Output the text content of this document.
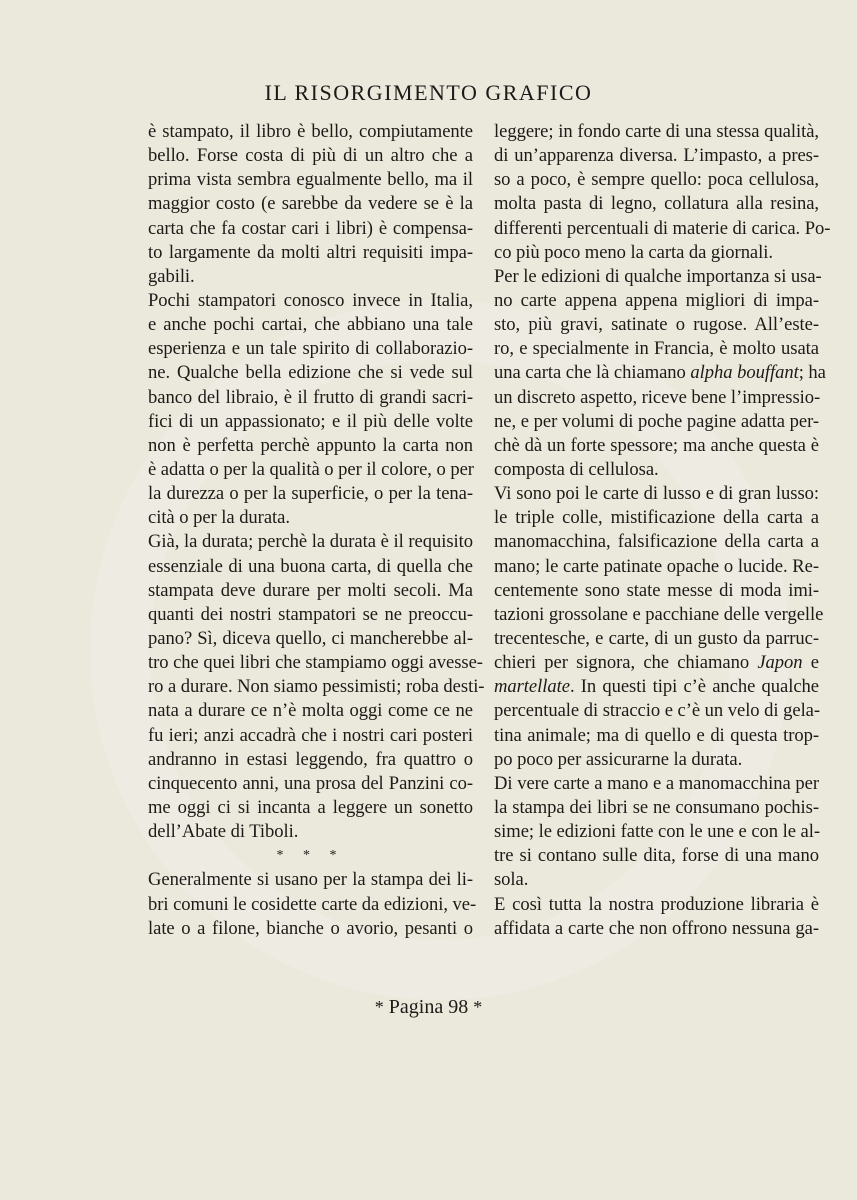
IL RISORGIMENTO GRAFICO
è stampato, il libro è bello, compiutamente
bello. Forse costa di più di un altro che a
prima vista sembra egualmente bello, ma il
maggior costo (e sarebbe da vedere se è la
carta che fa costar cari i libri) è compensa-
to largamente da molti altri requisiti impa-
gabili.
Pochi stampatori conosco invece in Italia,
e anche pochi cartai, che abbiano una tale
esperienza e un tale spirito di collaborazio-
ne. Qualche bella edizione che si vede sul
banco del libraio, è il frutto di grandi sacri-
fici di un appassionato; e il più delle volte
non è perfetta perchè appunto la carta non
è adatta o per la qualità o per il colore, o per
la durezza o per la superficie, o per la tena-
cità o per la durata.
Già, la durata; perchè la durata è il requisito
essenziale di una buona carta, di quella che
stampata deve durare per molti secoli. Ma
quanti dei nostri stampatori se ne preoccu-
pano? Sì, diceva quello, ci mancherebbe al-
tro che quei libri che stampiamo oggi avesse-
ro a durare. Non siamo pessimisti; roba desti-
nata a durare ce n’è molta oggi come ce ne
fu ieri; anzi accadrà che i nostri cari posteri
andranno in estasi leggendo, fra quattro o
cinquecento anni, una prosa del Panzini co-
me oggi ci si incanta a leggere un sonetto
dell’Abate di Tiboli.
* * *
Generalmente si usano per la stampa dei li-
bri comuni le cosidette carte da edizioni, ve-
late o a filone, bianche o avorio, pesanti o
leggere; in fondo carte di una stessa qualità,
di un’apparenza diversa. L’impasto, a pres-
so a poco, è sempre quello: poca cellulosa,
molta pasta di legno, collatura alla resina,
differenti percentuali di materie di carica. Po-
co più poco meno la carta da giornali.
Per le edizioni di qualche importanza si usa-
no carte appena appena migliori di impa-
sto, più gravi, satinate o rugose. All’este-
ro, e specialmente in Francia, è molto usata
una carta che là chiamano alpha bouffant; ha
un discreto aspetto, riceve bene l’impressio-
ne, e per volumi di poche pagine adatta per-
chè dà un forte spessore; ma anche questa è
composta di cellulosa.
Vi sono poi le carte di lusso e di gran lusso:
le triple colle, mistificazione della carta a
manomacchina, falsificazione della carta a
mano; le carte patinate opache o lucide. Re-
centemente sono state messe di moda imi-
tazioni grossolane e pacchiane delle vergelle
trecentesche, e carte, di un gusto da parruc-
chieri per signora, che chiamano Japon e
martellate. In questi tipi c’è anche qualche
percentuale di straccio e c’è un velo di gela-
tina animale; ma di quello e di questa trop-
po poco per assicurarne la durata.
Di vere carte a mano e a manomacchina per
la stampa dei libri se ne consumano pochis-
sime; le edizioni fatte con le une e con le al-
tre si contano sulle dita, forse di una mano
sola.
E così tutta la nostra produzione libraria è
affidata a carte che non offrono nessuna ga-
* Pagina 98 *
